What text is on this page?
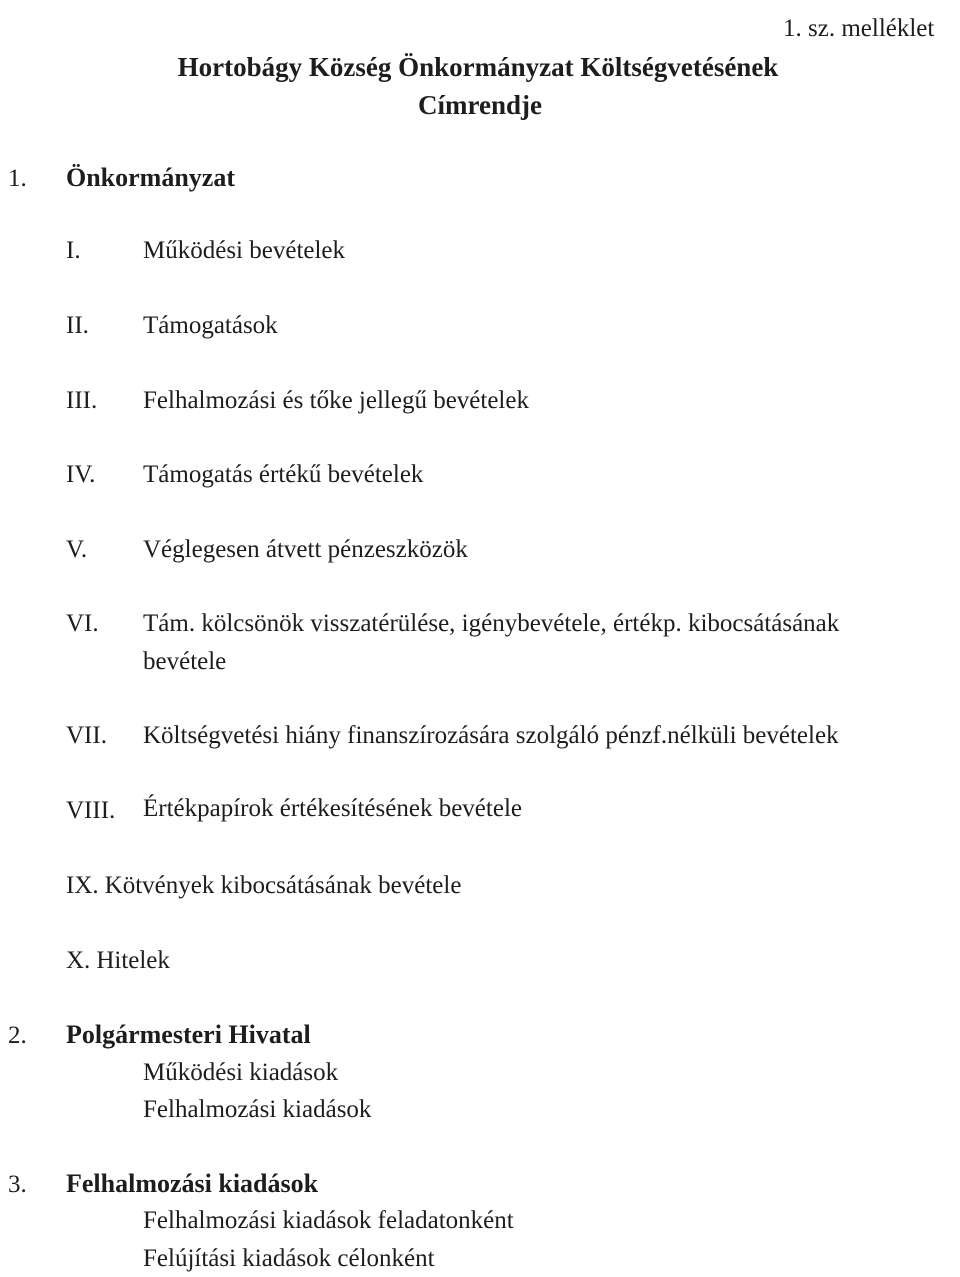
1. sz. melléklet
Hortobágy Község Önkormányzat Költségvetésének
Címrendje
1. Önkormányzat
I. Működési bevételek
II. Támogatások
III. Felhalmozási és tőke jellegű bevételek
IV. Támogatás értékű bevételek
V. Véglegesen átvett pénzeszközök
VI. Tám. kölcsönök visszatérülése, igénybevétele, értékp. kibocsátásának
bevétele
VII. Költségvetési hiány finanszírozására szolgáló pénzf.nélküli bevételek
VIII. Értékpapírok értékesítésének bevétele
IX. Kötvények kibocsátásának bevétele
X. Hitelek
2. Polgármesteri Hivatal
Működési kiadások
Felhalmozási kiadások
3. Felhalmozási kiadások
Felhalmozási kiadások feladatonként
Felújítási kiadások célonként
